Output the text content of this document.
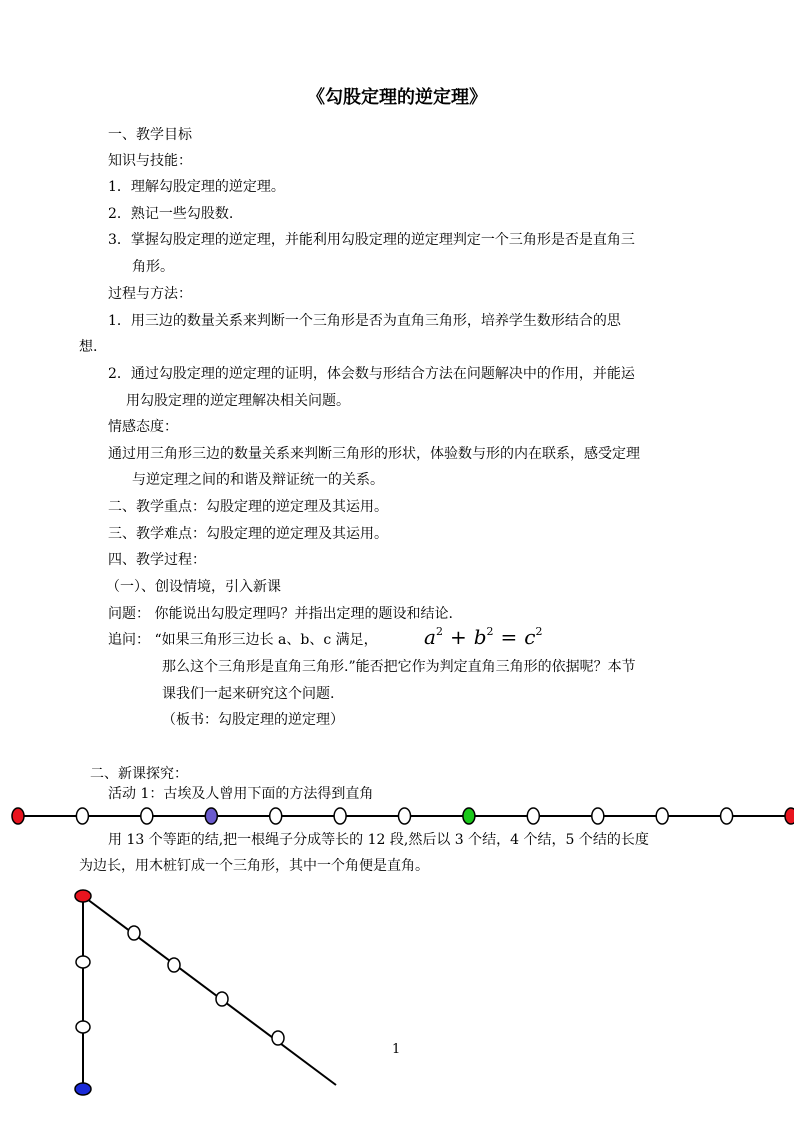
《勾股定理的逆定理》

一、教学目标

知识与技能：

1．理解勾股定理的逆定理。

2．熟记一些勾股数.

3．掌握勾股定理的逆定理，并能利用勾股定理的逆定理判定一个三角形是否是直角三

角形。

过程与方法：

1．用三边的数量关系来判断一个三角形是否为直角三角形，培养学生数形结合的思

想.

2．通过勾股定理的逆定理的证明，体会数与形结合方法在问题解决中的作用，并能运

用勾股定理的逆定理解决相关问题。

情感态度：

通过用三角形三边的数量关系来判断三角形的形状，体验数与形的内在联系，感受定理

与逆定理之间的和谐及辩证统一的关系。

二、教学重点：勾股定理的逆定理及其运用。

三、教学难点：勾股定理的逆定理及其运用。

四、教学过程：

（一）、创设情境，引入新课

问题： 你能说出勾股定理吗？并指出定理的题设和结论.

追问： “如果三角形三边长 a、b、c 满足， $a^2 + b^2 = c^2$

那么这个三角形是直角三角形.”能否把它作为判定直角三角形的依据呢？本节

课我们一起来研究这个问题.

（板书：勾股定理的逆定理）

二、新课探究：

活动 1：古埃及人曾用下面的方法得到直角

用 13 个等距的结,把一根绳子分成等长的 12 段,然后以 3 个结，4 个结，5 个结的长度

为边长，用木桩钉成一个三角形，其中一个角便是直角。

1
